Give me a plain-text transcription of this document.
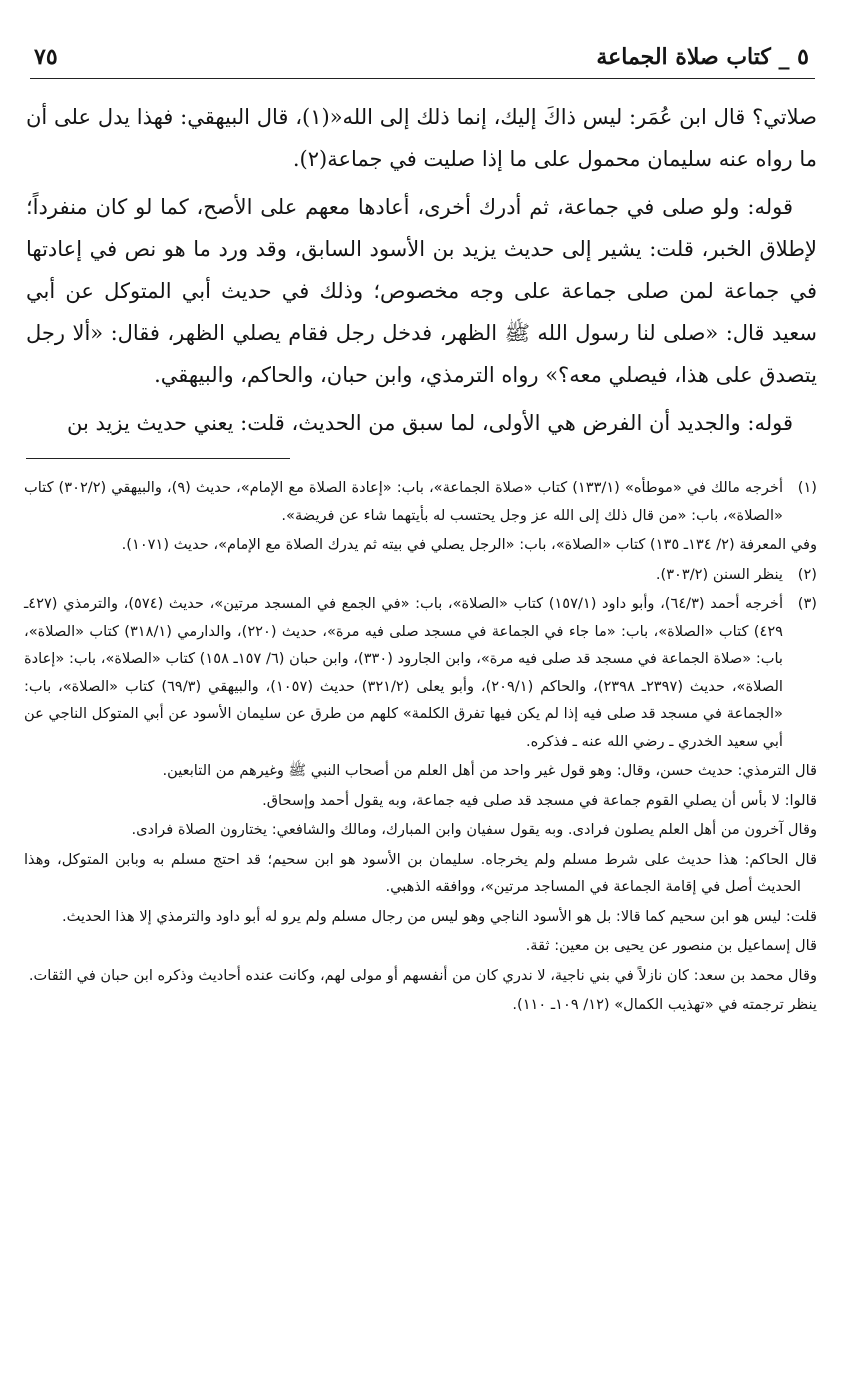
٥ _ كتاب صلاة الجماعة
٧٥

صلاتي؟ قال ابن عُمَر: ليس ذاكَ إليك، إنما ذلك إلى الله«(١)، قال البيهقي: فهذا يدل على أن ما رواه عنه سليمان محمول على ما إذا صليت في جماعة(٢).

قوله: ولو صلى في جماعة، ثم أدرك أخرى، أعادها معهم على الأصح، كما لو كان منفرداً؛ لإطلاق الخبر، قلت: يشير إلى حديث يزيد بن الأسود السابق، وقد ورد ما هو نص في إعادتها في جماعة لمن صلى جماعة على وجه مخصوص؛ وذلك في حديث أبي المتوكل عن أبي سعيد قال: «صلى لنا رسول الله ﷺ الظهر، فدخل رجل فقام يصلي الظهر، فقال: «ألا رجل يتصدق على هذا، فيصلي معه؟» رواه الترمذي، وابن حبان، والحاكم، والبيهقي.

قوله: والجديد أن الفرض هي الأولى، لما سبق من الحديث، قلت: يعني حديث يزيد بن

(١)
أخرجه مالك في «موطأه» (١٣٣/١) كتاب «صلاة الجماعة»، باب: «إعادة الصلاة مع الإمام»، حديث (٩)، والبيهقي (٣٠٢/٢) كتاب «الصلاة»، باب: «من قال ذلك إلى الله عز وجل يحتسب له بأيتهما شاء عن فريضة».

وفي المعرفة (٢/ ١٣٤ـ ١٣٥) كتاب «الصلاة»، باب: «الرجل يصلي في بيته ثم يدرك الصلاة مع الإمام»، حديث (١٠٧١).

(٢)
ينظر السنن (٣٠٣/٢).
(٣)
أخرجه أحمد (٦٤/٣)، وأبو داود (١٥٧/١) كتاب «الصلاة»، باب: «في الجمع في المسجد مرتين»، حديث (٥٧٤)، والترمذي (٤٢٧ـ ٤٢٩) كتاب «الصلاة»، باب: «ما جاء في الجماعة في مسجد صلى فيه مرة»، حديث (٢٢٠)، والدارمي (٣١٨/١) كتاب «الصلاة»، باب: «صلاة الجماعة في مسجد قد صلى فيه مرة»، وابن الجارود (٣٣٠)، وابن حبان (٦/ ١٥٧ـ ١٥٨) كتاب «الصلاة»، باب: «إعادة الصلاة»، حديث (٢٣٩٧ـ ٢٣٩٨)، والحاكم (٢٠٩/١)، وأبو يعلى (٣٢١/٢) حديث (١٠٥٧)، والبيهقي (٦٩/٣) كتاب «الصلاة»، باب: «الجماعة في مسجد قد صلى فيه إذا لم يكن فيها تفرق الكلمة» كلهم من طرق عن سليمان الأسود عن أبي المتوكل الناجي عن أبي سعيد الخدري ـ رضي الله عنه ـ فذكره.

قال الترمذي: حديث حسن، وقال: وهو قول غير واحد من أهل العلم من أصحاب النبي ﷺ وغيرهم من التابعين.

قالوا: لا بأس أن يصلي القوم جماعة في مسجد قد صلى فيه جماعة، وبه يقول أحمد وإسحاق.

وقال آخرون من أهل العلم يصلون فرادى. وبه يقول سفيان وابن المبارك، ومالك والشافعي: يختارون الصلاة فرادى.

قال الحاكم: هذا حديث على شرط مسلم ولم يخرجاه. سليمان بن الأسود هو ابن سحيم؛ قد احتج مسلم به وبابن المتوكل، وهذا الحديث أصل في إقامة الجماعة في المساجد مرتين»، ووافقه الذهبي.

قلت: ليس هو ابن سحيم كما قالا: بل هو الأسود الناجي وهو ليس من رجال مسلم ولم يرو له أبو داود والترمذي إلا هذا الحديث.

قال إسماعيل بن منصور عن يحيى بن معين: ثقة.

وقال محمد بن سعد: كان نازلاً في بني ناجية، لا ندري كان من أنفسهم أو مولى لهم، وكانت عنده أحاديث وذكره ابن حبان في الثقات.

ينظر ترجمته في «تهذيب الكمال» (١٢/ ١٠٩ـ ١١٠).
